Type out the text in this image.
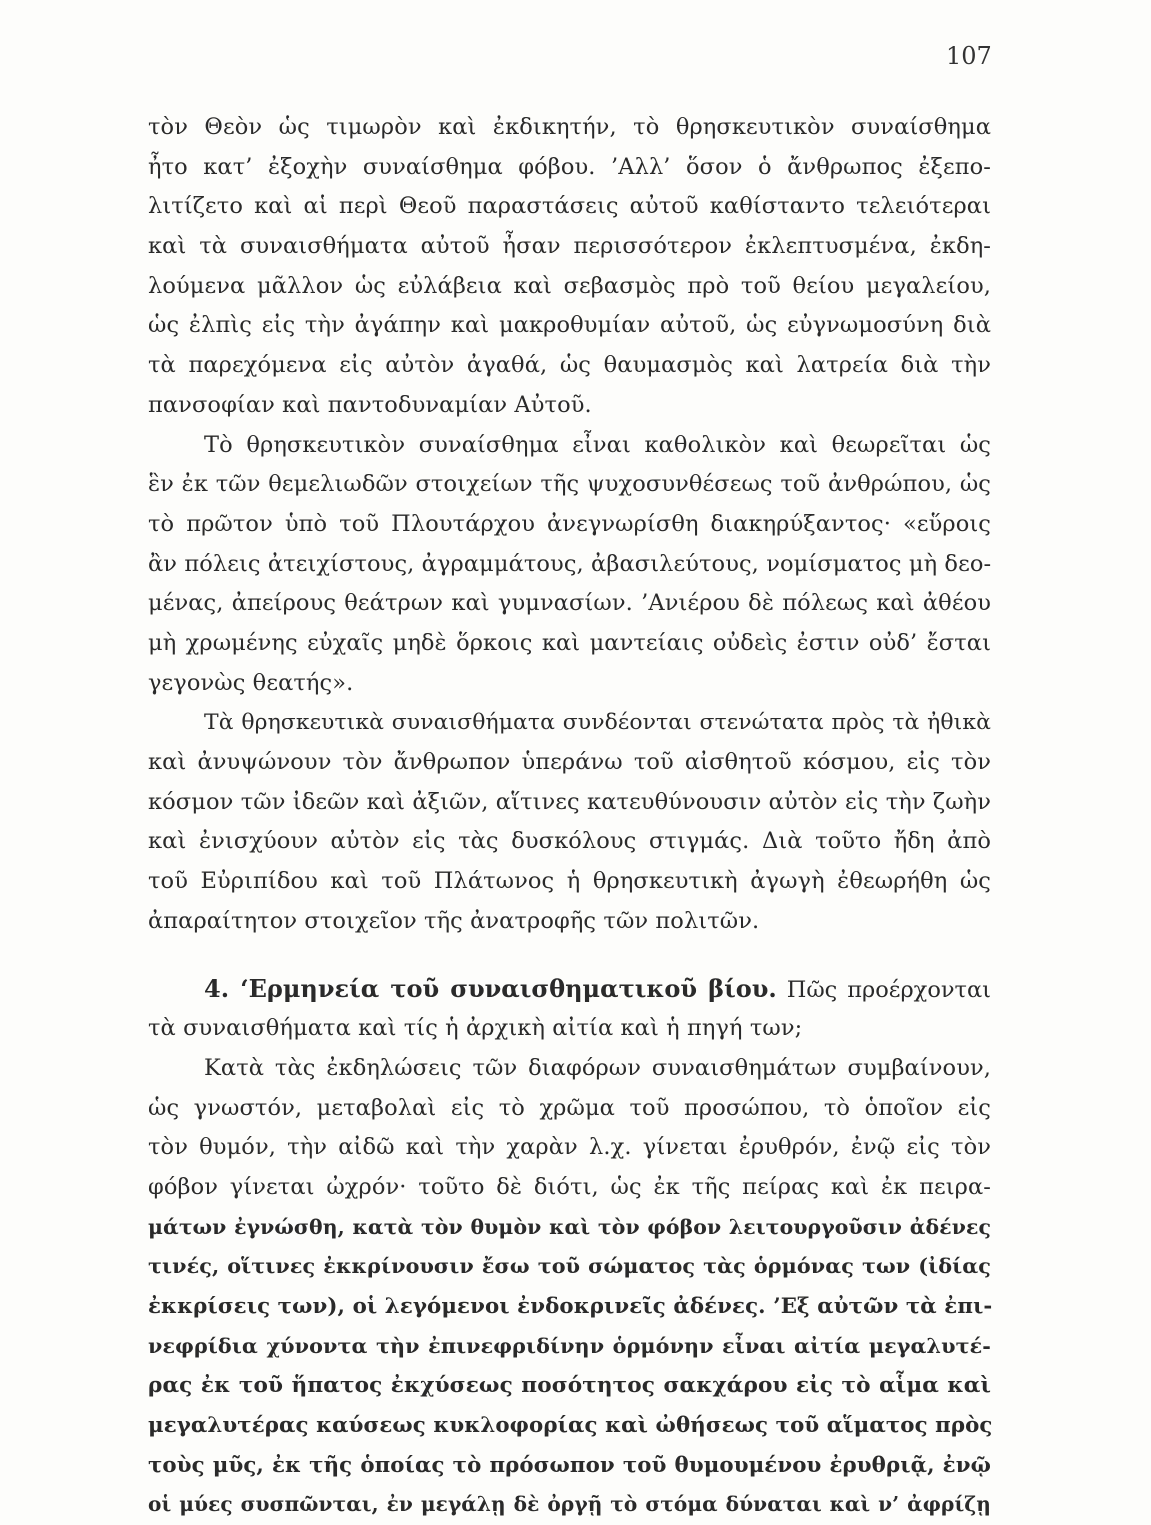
107
τὸν Θεὸν ὡς τιμωρὸν καὶ ἐκδικητήν, τὸ θρησκευτικὸν συναίσθημα
ἦτο κατ’ ἐξοχὴν συναίσθημα φόβου. ’Αλλ’ ὅσον ὁ ἄνθρωπος ἐξεπο-
λιτίζετο καὶ αἱ περὶ Θεοῦ παραστάσεις αὐτοῦ καθίσταντο τελειότεραι
καὶ τὰ συναισθήματα αὐτοῦ ἦσαν περισσότερον ἐκλεπτυσμένα, ἐκδη-
λούμενα μᾶλλον ὡς εὐλάβεια καὶ σεβασμὸς πρὸ τοῦ θείου μεγαλείου,
ὡς ἐλπὶς εἰς τὴν ἀγάπην καὶ μακροθυμίαν αὐτοῦ, ὡς εὐγνωμοσύνη διὰ
τὰ παρεχόμενα εἰς αὐτὸν ἀγαθά, ὡς θαυμασμὸς καὶ λατρεία διὰ τὴν
πανσοφίαν καὶ παντοδυναμίαν Αὐτοῦ.
Τὸ θρησκευτικὸν συναίσθημα εἶναι καθολικὸν καὶ θεωρεῖται ὡς
ἓν ἐκ τῶν θεμελιωδῶν στοιχείων τῆς ψυχοσυνθέσεως τοῦ ἀνθρώπου, ὡς
τὸ πρῶτον ὑπὸ τοῦ Πλουτάρχου ἀνεγνωρίσθη διακηρύξαντος· «εὕροις
ἂν πόλεις ἀτειχίστους, ἀγραμμάτους, ἀβασιλεύτους, νομίσματος μὴ δεο-
μένας, ἀπείρους θεάτρων καὶ γυμνασίων. ’Ανιέρου δὲ πόλεως καὶ ἀθέου
μὴ χρωμένης εὐχαῖς μηδὲ ὅρκοις καὶ μαντείαις οὐδεὶς ἐστιν οὐδ’ ἔσται
γεγονὼς θεατής».
Τὰ θρησκευτικὰ συναισθήματα συνδέονται στενώτατα πρὸς τὰ ἠθικὰ
καὶ ἀνυψώνουν τὸν ἄνθρωπον ὑπεράνω τοῦ αἰσθητοῦ κόσμου, εἰς τὸν
κόσμον τῶν ἰδεῶν καὶ ἀξιῶν, αἵτινες κατευθύνουσιν αὐτὸν εἰς τὴν ζωὴν
καὶ ἐνισχύουν αὐτὸν εἰς τὰς δυσκόλους στιγμάς. Διὰ τοῦτο ἤδη ἀπὸ
τοῦ Εὐριπίδου καὶ τοῦ Πλάτωνος ἡ θρησκευτικὴ ἀγωγὴ ἐθεωρήθη ὡς
ἀπαραίτητον στοιχεῖον τῆς ἀνατροφῆς τῶν πολιτῶν.
4. ‘Ερμηνεία τοῦ συναισθηματικοῦ βίου. Πῶς προέρχονται
τὰ συναισθήματα καὶ τίς ἡ ἀρχικὴ αἰτία καὶ ἡ πηγή των;
Κατὰ τὰς ἐκδηλώσεις τῶν διαφόρων συναισθημάτων συμβαίνουν,
ὡς γνωστόν, μεταβολαὶ εἰς τὸ χρῶμα τοῦ προσώπου, τὸ ὁποῖον εἰς
τὸν θυμόν, τὴν αἰδῶ καὶ τὴν χαρὰν λ.χ. γίνεται ἐρυθρόν, ἐνῷ εἰς τὸν
φόβον γίνεται ὠχρόν· τοῦτο δὲ διότι, ὡς ἐκ τῆς πείρας καὶ ἐκ πειρα-
μάτων ἐγνώσθη, κατὰ τὸν θυμὸν καὶ τὸν φόβον λειτουργοῦσιν ἀδένες
τινές, οἵτινες ἐκκρίνουσιν ἔσω τοῦ σώματος τὰς ὁρμόνας των (ἰδίας
ἐκκρίσεις των), οἱ λεγόμενοι ἐνδοκρινεῖς ἀδένες. ’Εξ αὐτῶν τὰ ἐπι-
νεφρίδια χύνοντα τὴν ἐπινεφριδίνην ὁρμόνην εἶναι αἰτία μεγαλυτέ-
ρας ἐκ τοῦ ἥπατος ἐκχύσεως ποσότητος σακχάρου εἰς τὸ αἷμα καὶ
μεγαλυτέρας καύσεως κυκλοφορίας καὶ ὠθήσεως τοῦ αἵματος πρὸς
τοὺς μῦς, ἐκ τῆς ὁποίας τὸ πρόσωπον τοῦ θυμουμένου ἐρυθριᾷ, ἐνῷ
οἱ μύες συσπῶνται, ἐν μεγάλῃ δὲ ὀργῇ τὸ στόμα δύναται καὶ ν’ ἀφρίζῃ
